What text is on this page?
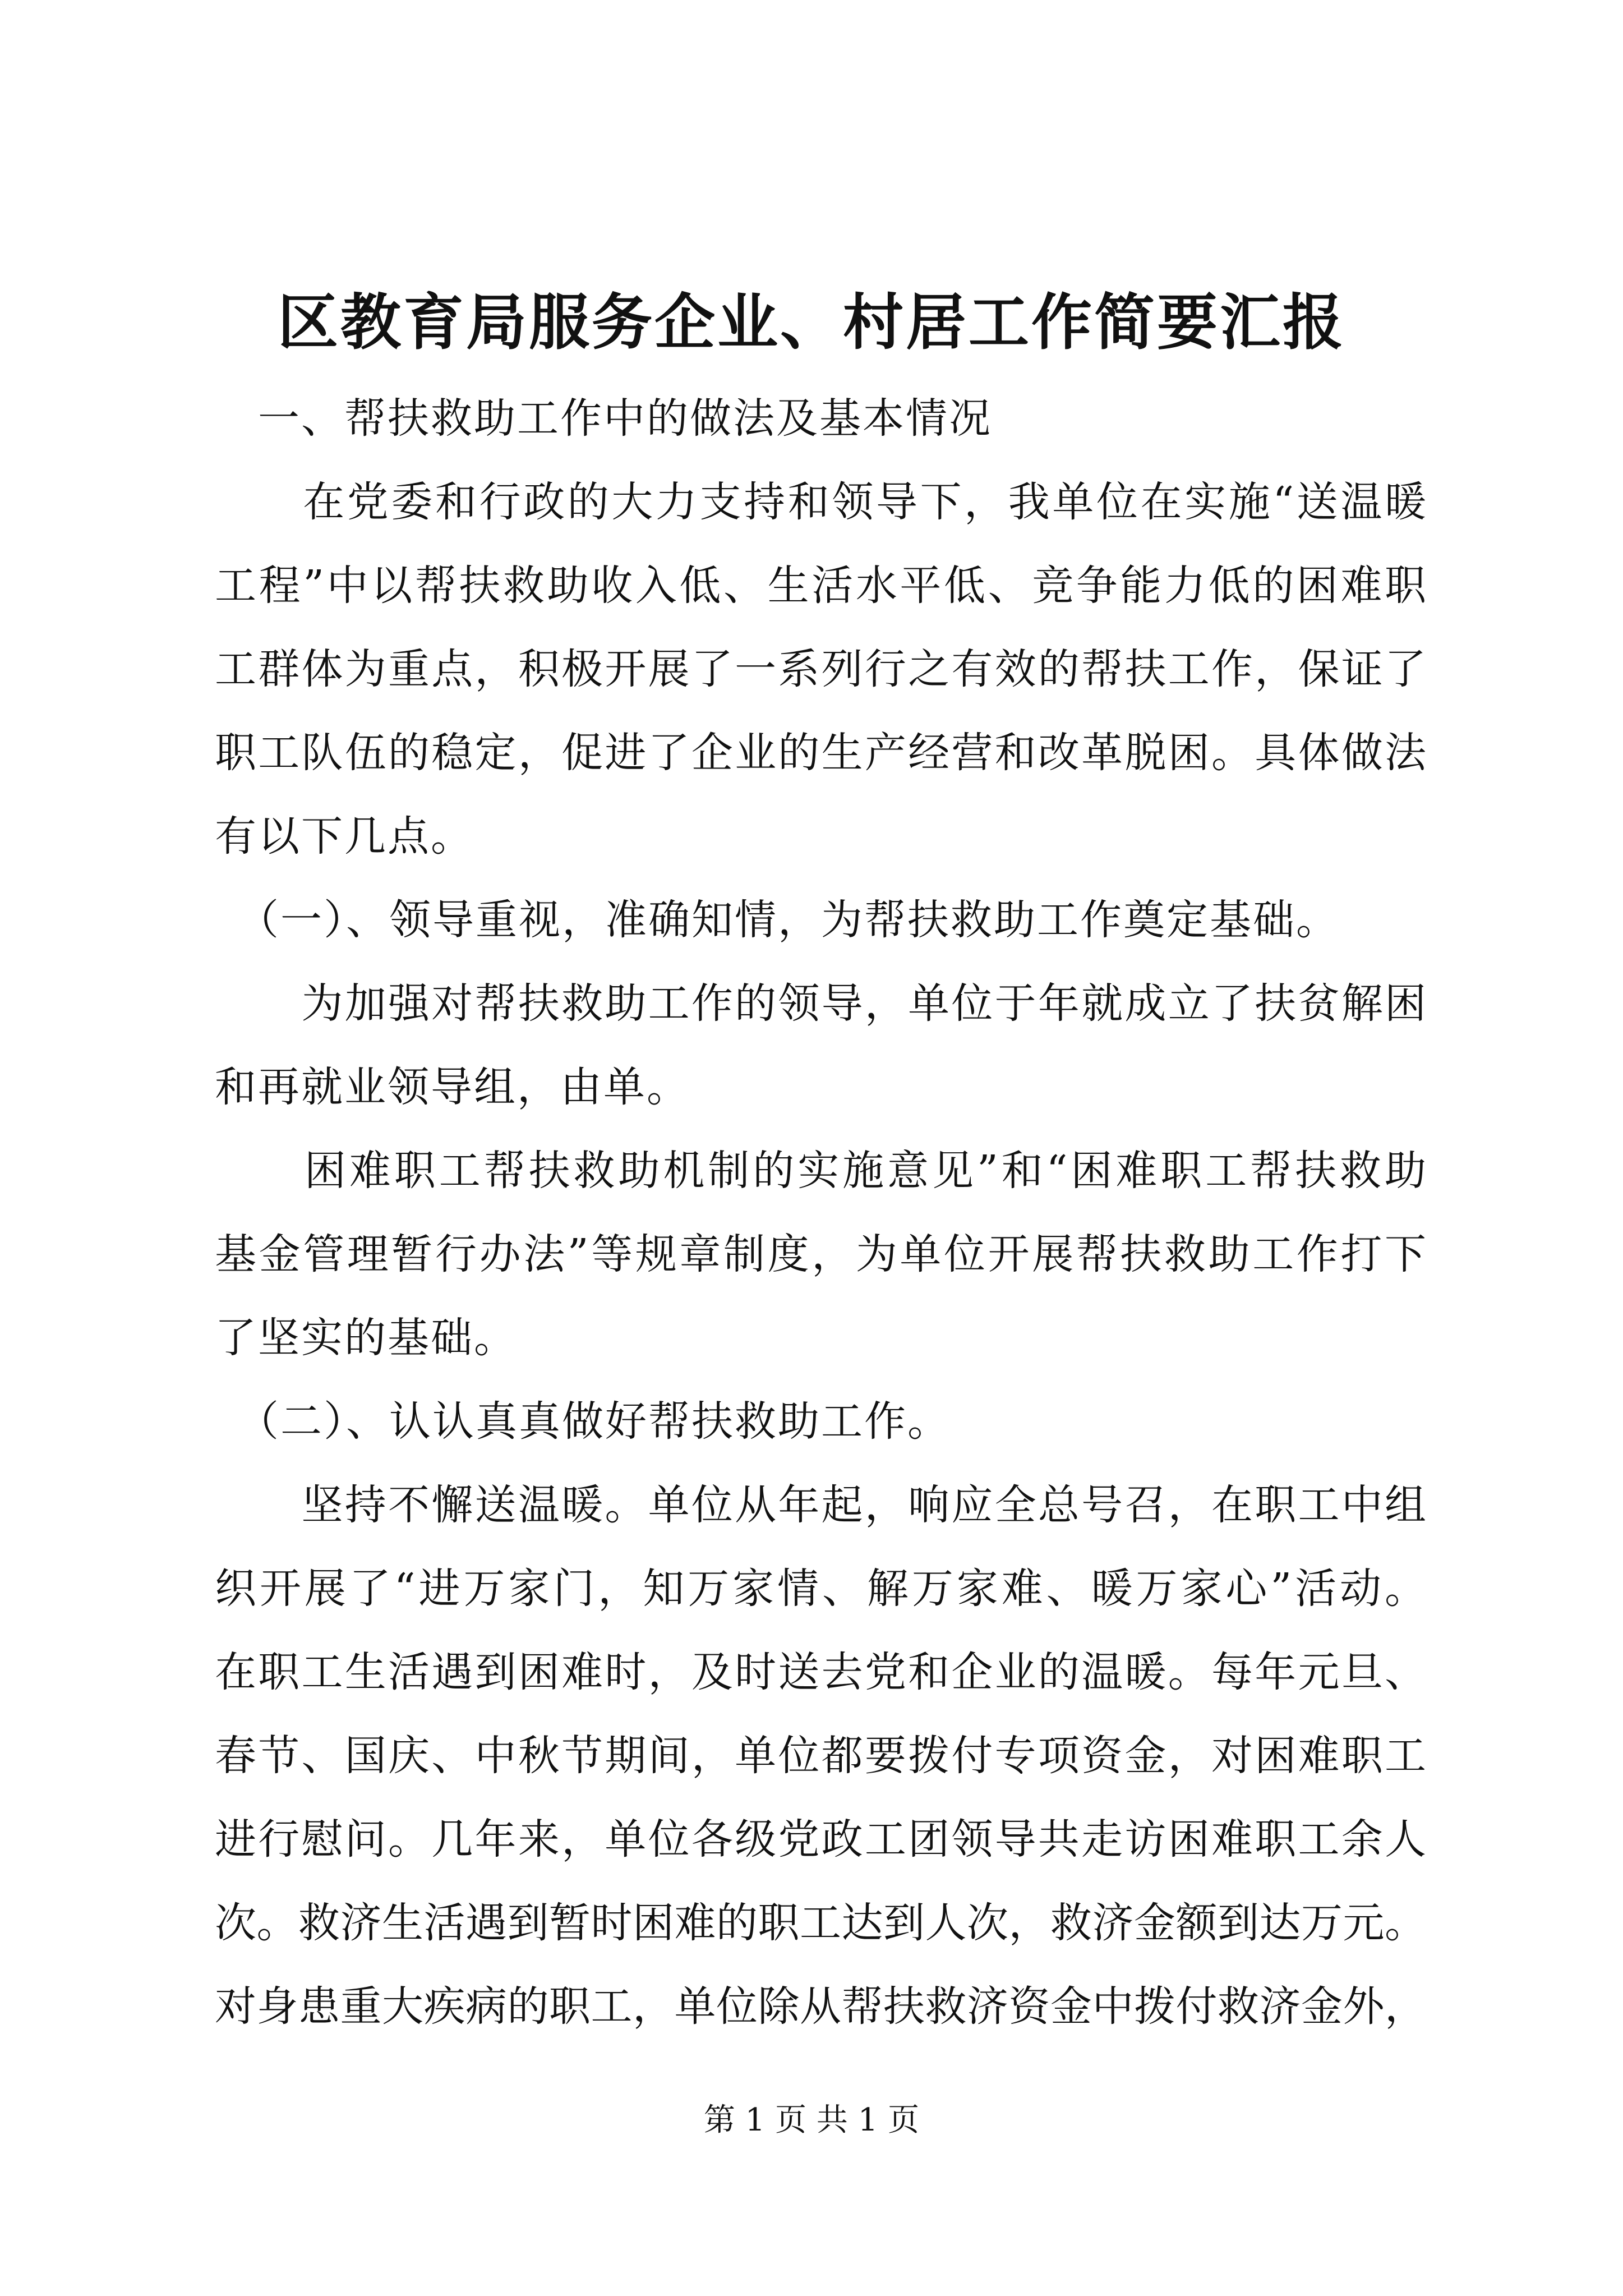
区教育局服务企业、村居工作简要汇报
　一、帮扶救助工作中的做法及基本情况
　　在党委和行政的大力支持和领导下，我单位在实施“送温暖
工程”中以帮扶救助收入低、生活水平低、竞争能力低的困难职
工群体为重点，积极开展了一系列行之有效的帮扶工作，保证了
职工队伍的稳定，促进了企业的生产经营和改革脱困。具体做法
有以下几点。
　（一）、领导重视，准确知情，为帮扶救助工作奠定基础。
　　为加强对帮扶救助工作的领导，单位于年就成立了扶贫解困
和再就业领导组，由单。
　　困难职工帮扶救助机制的实施意见”和“困难职工帮扶救助
基金管理暂行办法”等规章制度，为单位开展帮扶救助工作打下
了坚实的基础。
　（二）、认认真真做好帮扶救助工作。
　　坚持不懈送温暖。单位从年起，响应全总号召，在职工中组
织开展了“进万家门，知万家情、解万家难、暖万家心”活动。
在职工生活遇到困难时，及时送去党和企业的温暖。每年元旦、
春节、国庆、中秋节期间，单位都要拨付专项资金，对困难职工
进行慰问。几年来，单位各级党政工团领导共走访困难职工余人
次。救济生活遇到暂时困难的职工达到人次，救济金额到达万元。
对身患重大疾病的职工，单位除从帮扶救济资金中拨付救济金外，
第 1 页 共 1 页
